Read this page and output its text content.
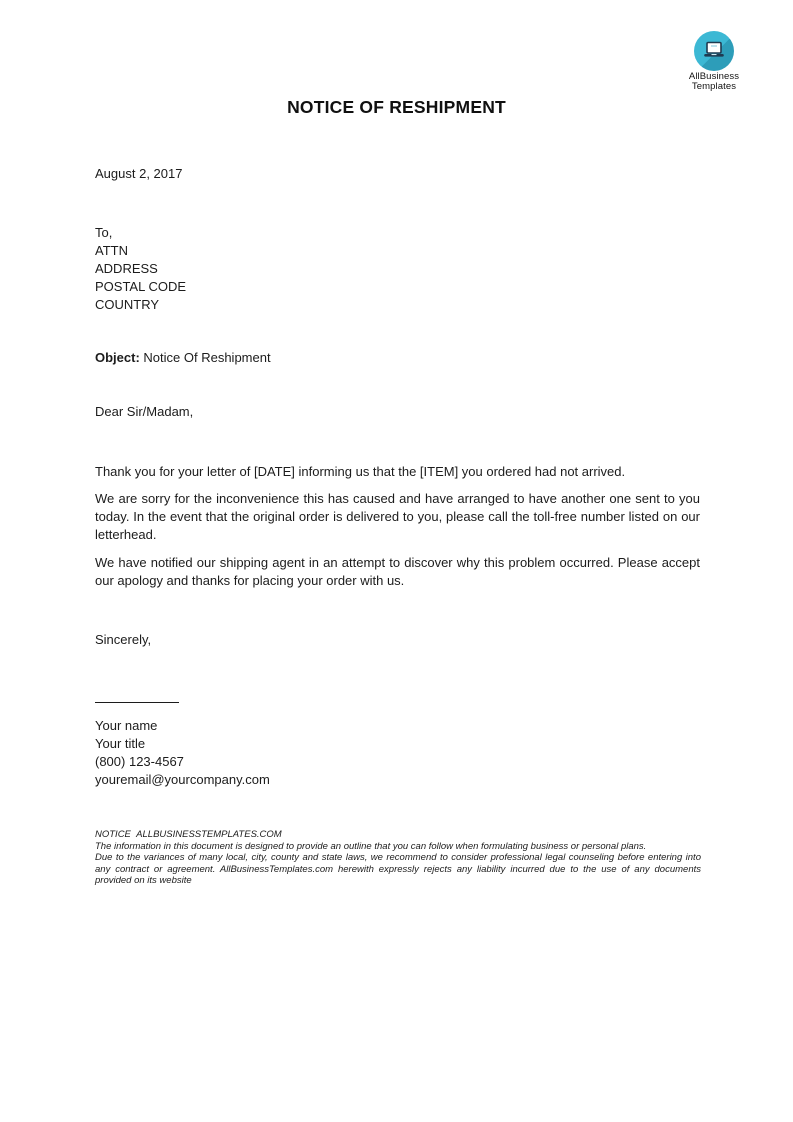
AllBusiness
Templates
NOTICE OF RESHIPMENT
August 2, 2017
To,
ATTN
ADDRESS
POSTAL CODE
COUNTRY
Object: Notice Of Reshipment
Dear Sir/Madam,
Thank you for your letter of [DATE] informing us that the [ITEM] you ordered had not arrived.
We are sorry for the inconvenience this has caused and have arranged to have another one sent to you today. In the event that the original order is delivered to you, please call the toll-free number listed on our letterhead.
We have notified our shipping agent in an attempt to discover why this problem occurred. Please accept our apology and thanks for placing your order with us.
Sincerely,
Your name
Your title
(800) 123-4567
youremail@yourcompany.com
NOTICE ALLBUSINESSTEMPLATES.COM
The information in this document is designed to provide an outline that you can follow when formulating business or personal plans.
Due to the variances of many local, city, county and state laws, we recommend to consider professional legal counseling before entering into any contract or agreement. AllBusinessTemplates.com herewith expressly rejects any liability incurred due to the use of any documents provided on its website
